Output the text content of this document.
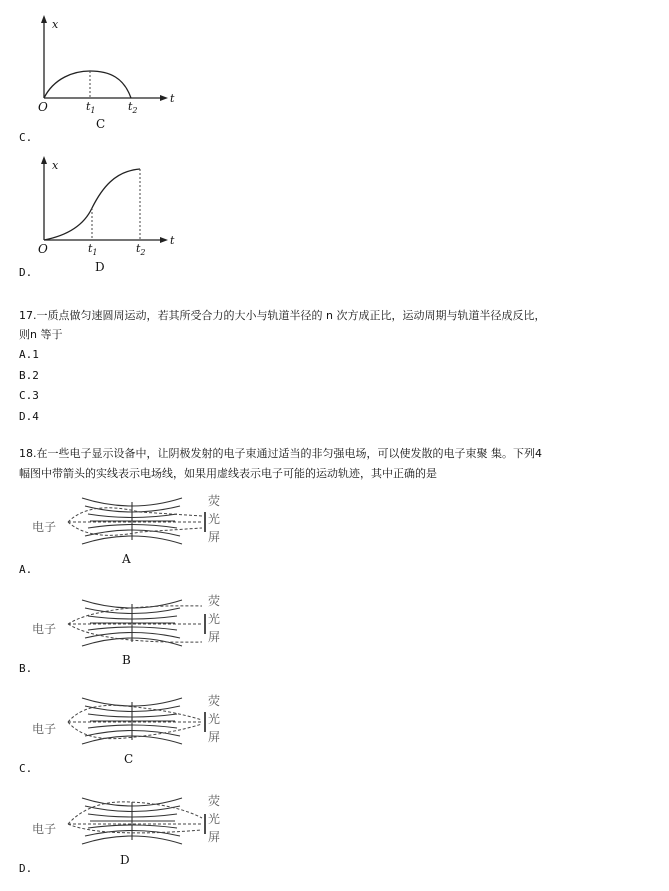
x
t
O	$t_1$	$t_2$
C
C.
x
t
O	$t_1$	$t_2$
D
D.
17.一质点做匀速圆周运动，若其所受合力的大小与轨道半径的 n 次方成正比，运动周期与轨道半径成反比，
则n 等于
A.1
B.2
C.3
D.4
18.在一些电子显示设备中，让阴极发射的电子束通过适当的非匀强电场，可以使发散的电子束聚 集。下列4
幅图中带箭头的实线表示电场线，如果用虚线表示电子可能的运动轨迹，其中正确的是
电子
荧
光
屏
A
A.
电子
荧
光
屏
B
B.
电子
荧
光
屏
C
C.
电子
荧
光
屏
D
D.
